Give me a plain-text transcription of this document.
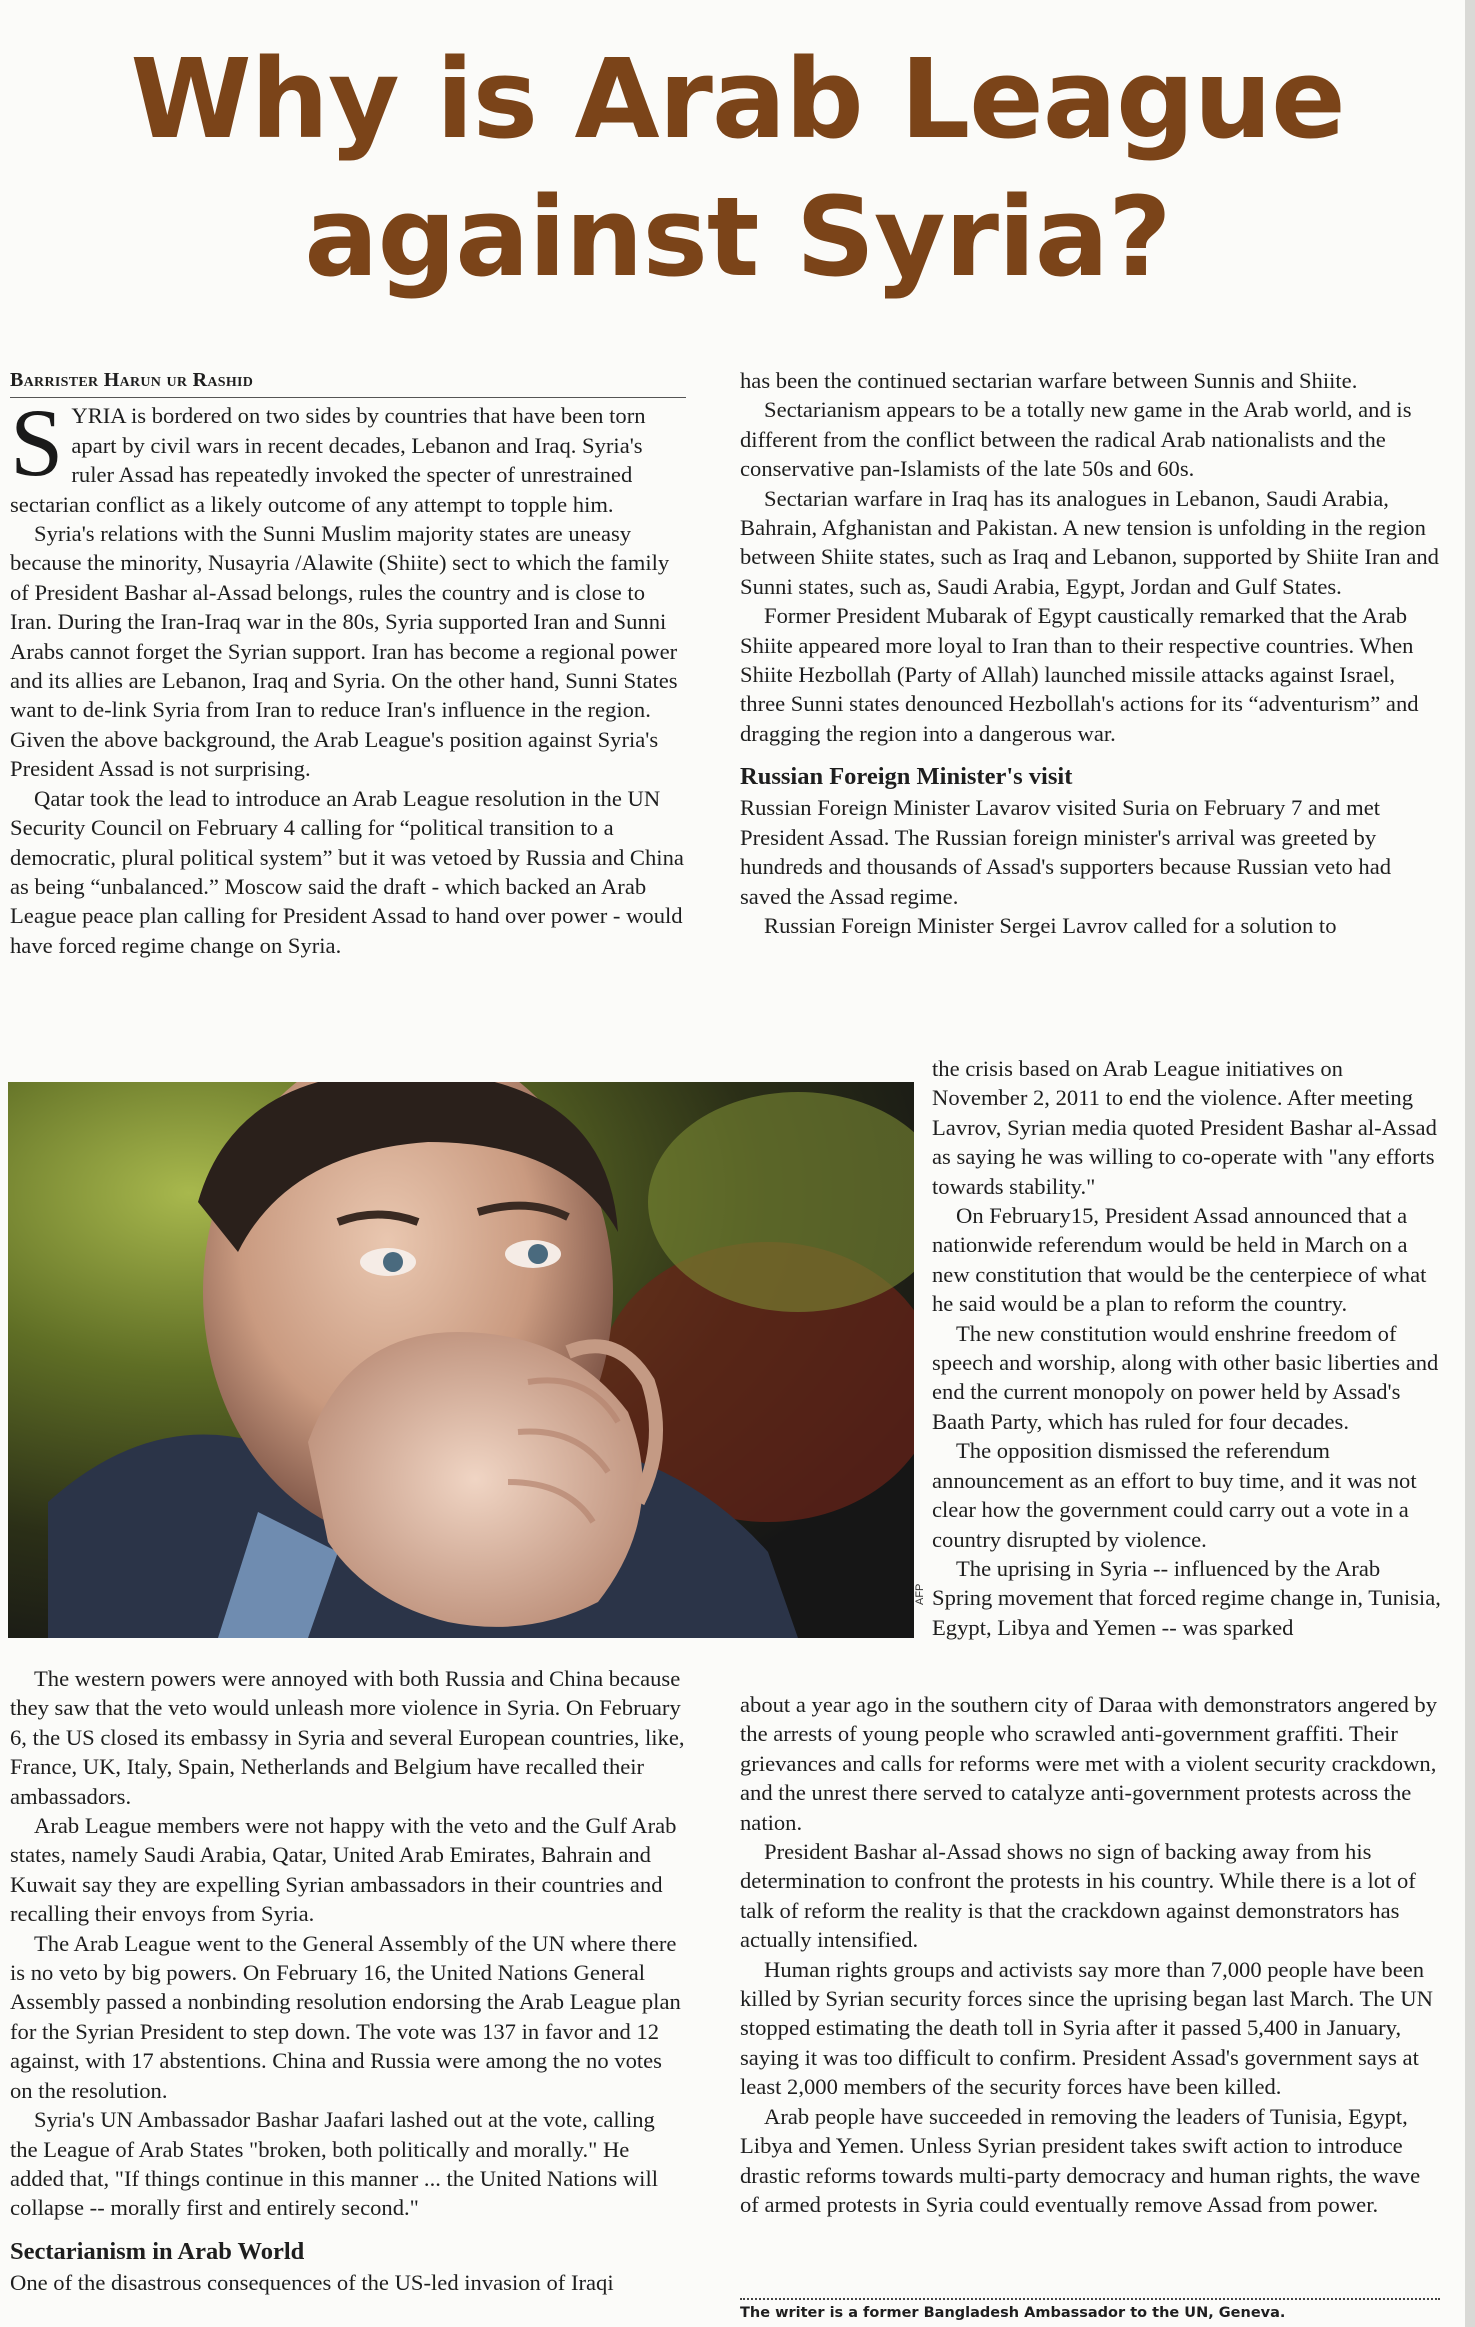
Why is Arab League
against Syria?
Barrister Harun ur Rashid

SYRIA is bordered on two sides by countries that have been torn apart by civil wars in recent decades, Lebanon and Iraq. Syria's ruler Assad has repeatedly invoked the specter of unrestrained sectarian conflict as a likely outcome of any attempt to topple him.

Syria's relations with the Sunni Muslim majority states are uneasy because the minority, Nusayria /Alawite (Shiite) sect to which the family of President Bashar al-Assad belongs, rules the country and is close to Iran. During the Iran-Iraq war in the 80s, Syria supported Iran and Sunni Arabs cannot forget the Syrian support. Iran has become a regional power and its allies are Lebanon, Iraq and Syria. On the other hand, Sunni States want to de-link Syria from Iran to reduce Iran's influence in the region. Given the above background, the Arab League's position against Syria's President Assad is not surprising.

Qatar took the lead to introduce an Arab League resolution in the UN Security Council on February 4 calling for “political transition to a democratic, plural political system” but it was vetoed by Russia and China as being “unbalanced.” Moscow said the draft - which backed an Arab League peace plan calling for President Assad to hand over power - would have forced regime change on Syria.

AFP

The western powers were annoyed with both Russia and China because they saw that the veto would unleash more violence in Syria. On February 6, the US closed its embassy in Syria and several European countries, like, France, UK, Italy, Spain, Netherlands and Belgium have recalled their ambassadors.

Arab League members were not happy with the veto and the Gulf Arab states, namely Saudi Arabia, Qatar, United Arab Emirates, Bahrain and Kuwait say they are expelling Syrian ambassadors in their countries and recalling their envoys from Syria.

The Arab League went to the General Assembly of the UN where there is no veto by big powers. On February 16, the United Nations General Assembly passed a nonbinding resolution endorsing the Arab League plan for the Syrian President to step down. The vote was 137 in favor and 12 against, with 17 abstentions. China and Russia were among the no votes on the resolution.

Syria's UN Ambassador Bashar Jaafari lashed out at the vote, calling the League of Arab States "broken, both politically and morally." He added that, "If things continue in this manner ... the United Nations will collapse -- morally first and entirely second."

Sectarianism in Arab World

One of the disastrous consequences of the US-led invasion of Iraqi

has been the continued sectarian warfare between Sunnis and Shiite.

Sectarianism appears to be a totally new game in the Arab world, and is different from the conflict between the radical Arab nationalists and the conservative pan-Islamists of the late 50s and 60s.

Sectarian warfare in Iraq has its analogues in Lebanon, Saudi Arabia, Bahrain, Afghanistan and Pakistan. A new tension is unfolding in the region between Shiite states, such as Iraq and Lebanon, supported by Shiite Iran and Sunni states, such as, Saudi Arabia, Egypt, Jordan and Gulf States.

Former President Mubarak of Egypt caustically remarked that the Arab Shiite appeared more loyal to Iran than to their respective countries. When Shiite Hezbollah (Party of Allah) launched missile attacks against Israel, three Sunni states denounced Hezbollah's actions for its “adventurism” and dragging the region into a dangerous war.

Russian Foreign Minister's visit

Russian Foreign Minister Lavarov visited Suria on February 7 and met President Assad. The Russian foreign minister's arrival was greeted by hundreds and thousands of Assad's supporters because Russian veto had saved the Assad regime.

Russian Foreign Minister Sergei Lavrov called for a solution to

the crisis based on Arab League initiatives on November 2, 2011 to end the violence. After meeting Lavrov, Syrian media quoted President Bashar al-Assad as saying he was willing to co-operate with "any efforts towards stability."

On February15, President Assad announced that a nationwide referendum would be held in March on a new constitution that would be the centerpiece of what he said would be a plan to reform the country.

The new constitution would enshrine freedom of speech and worship, along with other basic liberties and end the current monopoly on power held by Assad's Baath Party, which has ruled for four decades.

The opposition dismissed the referendum announcement as an effort to buy time, and it was not clear how the government could carry out a vote in a country disrupted by violence.

The uprising in Syria -- influenced by the Arab Spring movement that forced regime change in, Tunisia, Egypt, Libya and Yemen -- was sparked

about a year ago in the southern city of Daraa with demonstrators angered by the arrests of young people who scrawled anti-government graffiti. Their grievances and calls for reforms were met with a violent security crackdown, and the unrest there served to catalyze anti-government protests across the nation.

President Bashar al-Assad shows no sign of backing away from his determination to confront the protests in his country. While there is a lot of talk of reform the reality is that the crackdown against demonstrators has actually intensified.

Human rights groups and activists say more than 7,000 people have been killed by Syrian security forces since the uprising began last March. The UN stopped estimating the death toll in Syria after it passed 5,400 in January, saying it was too difficult to confirm. President Assad's government says at least 2,000 members of the security forces have been killed.

Arab people have succeeded in removing the leaders of Tunisia, Egypt, Libya and Yemen. Unless Syrian president takes swift action to introduce drastic reforms towards multi-party democracy and human rights, the wave of armed protests in Syria could eventually remove Assad from power.

The writer is a former Bangladesh Ambassador to the UN, Geneva.
